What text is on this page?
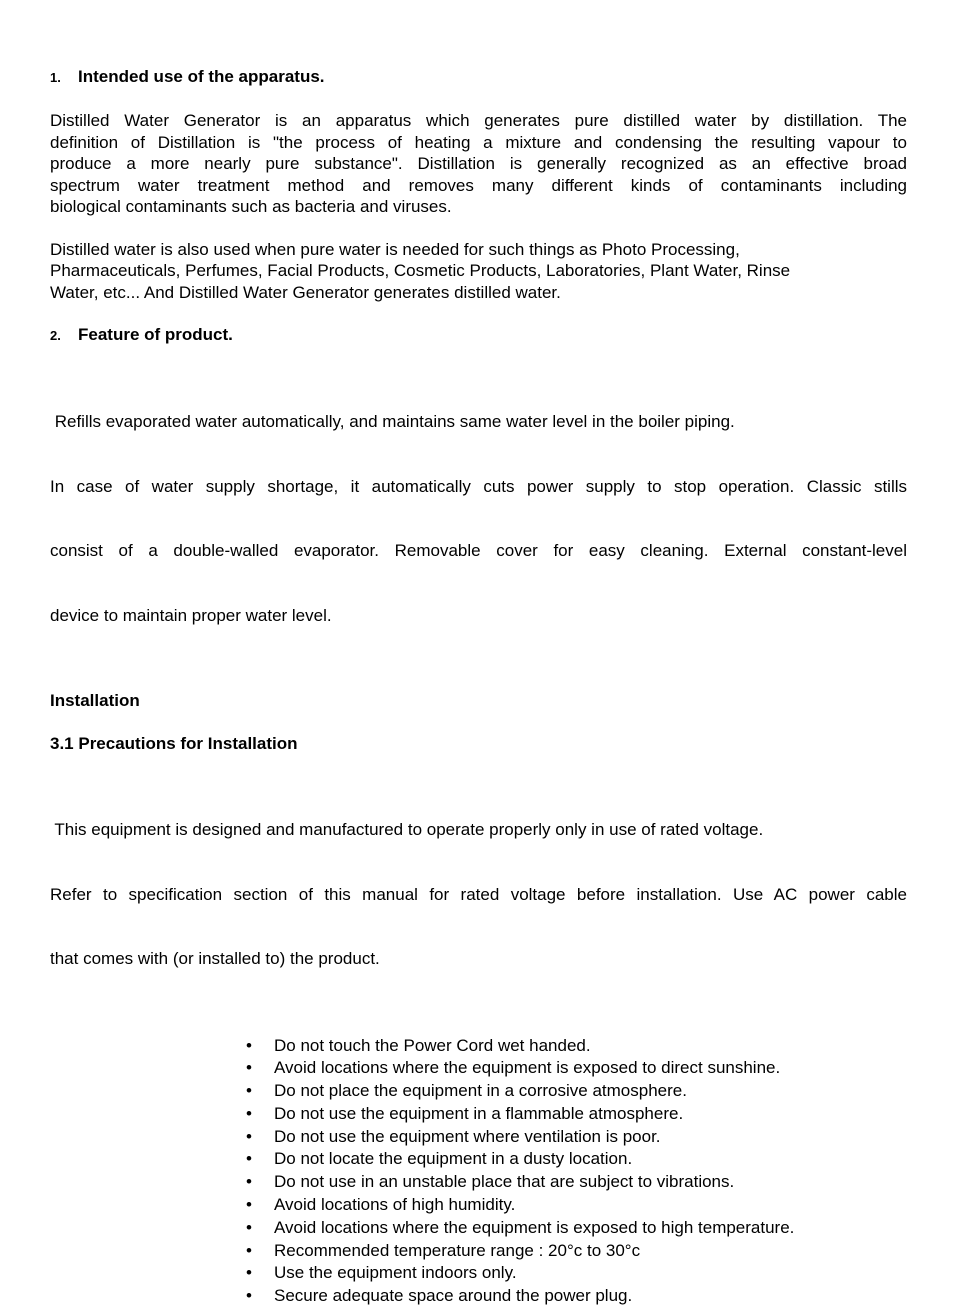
1.	Intended use of the apparatus.

Distilled Water Generator is an apparatus which generates pure distilled water by distillation. The
definition of Distillation is "the process of heating a mixture and condensing the resulting vapour to
produce a more nearly pure substance". Distillation is generally recognized as an effective broad
spectrum water treatment method and removes many different kinds of contaminants including
biological contaminants such as bacteria and viruses.

Distilled water is also used when pure water is needed for such things as Photo Processing,
Pharmaceuticals, Perfumes, Facial Products, Cosmetic Products, Laboratories, Plant Water, Rinse
Water, etc... And Distilled Water Generator generates distilled water.

2.	Feature of product.

Refills evaporated water automatically, and maintains same water level in the boiler piping.

In case of water supply shortage, it automatically cuts power supply to stop operation. Classic stills

consist of a double-walled evaporator. Removable cover for easy cleaning. External constant-level

device to maintain proper water level.

Installation
3.1 Precautions for Installation

This equipment is designed and manufactured to operate properly only in use of rated voltage.

Refer to specification section of this manual for rated voltage before installation. Use AC power cable

that comes with (or installed to) the product.

•	Do not touch the Power Cord wet handed.
•	Avoid locations where the equipment is exposed to direct sunshine.
•	Do not place the equipment in a corrosive atmosphere.
•	Do not use the equipment in a flammable atmosphere.
•	Do not use the equipment where ventilation is poor.
•	Do not locate the equipment in a dusty location.
•	Do not use in an unstable place that are subject to vibrations.
•	Avoid locations of high humidity.
•	Avoid locations where the equipment is exposed to high temperature.
•	Recommended temperature range : 20°c to 30°c
•	Use the equipment indoors only.
•	Secure adequate space around the power plug.
